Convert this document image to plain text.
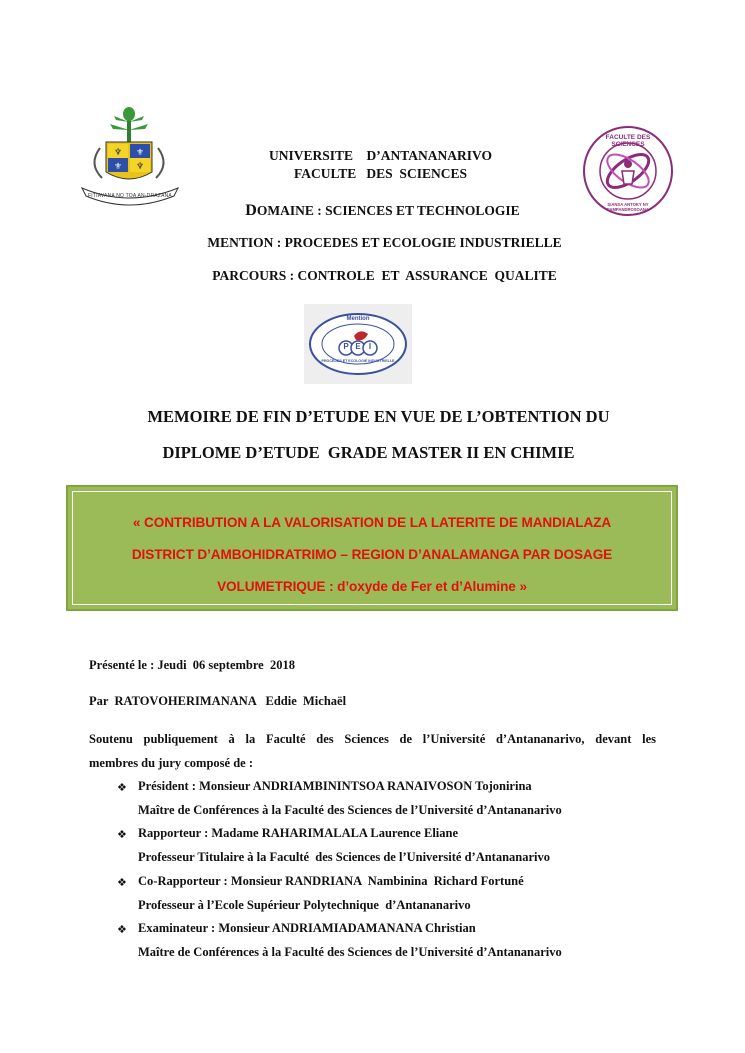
♆ ⚜
⚜ ♆
FITIAVANA NO TOA AN-DRAZANA
FACULTE DES SCIENCES
SIANSA ANTOKY NY FAMPANDROSOANA
UNIVERSITE    D’ANTANANARIVO
FACULTE   DES  SCIENCES
DOMAINE : SCIENCES ET TECHNOLOGIE
MENTION : PROCEDES ET ECOLOGIE INDUSTRIELLE
PARCOURS : CONTROLE  ET  ASSURANCE  QUALITE
Mention
P E	I
PROCEDES ET ECOLOGIE INDUSTRIELLE
MEMOIRE DE FIN D’ETUDE EN VUE DE L’OBTENTION DU
DIPLOME D’ETUDE  GRADE MASTER II EN CHIMIE
« CONTRIBUTION A LA VALORISATION DE LA LATERITE DE MANDIALAZA
DISTRICT D’AMBOHIDRATRIMO – REGION D’ANALAMANGA PAR DOSAGE
VOLUMETRIQUE : d’oxyde de Fer et d’Alumine »
Présenté le : Jeudi  06 septembre  2018
Par  RATOVOHERIMANANA   Eddie  Michaël
Soutenu publiquement à la Faculté des Sciences de l’Université d’Antananarivo, devant les
membres du jury composé de :
❖ Président : Monsieur ANDRIAMBININTSOA RANAIVOSON Tojonirina
Maître de Conférences à la Faculté des Sciences de l’Université d’Antananarivo
❖ Rapporteur : Madame RAHARIMALALA Laurence Eliane
Professeur Titulaire à la Faculté  des Sciences de l’Université d’Antananarivo
❖ Co-Rapporteur : Monsieur RANDRIANA  Nambinina  Richard Fortuné
Professeur à l’Ecole Supérieur Polytechnique  d’Antananarivo
❖ Examinateur : Monsieur ANDRIAMIADAMANANA Christian
Maître de Conférences à la Faculté des Sciences de l’Université d’Antananarivo
